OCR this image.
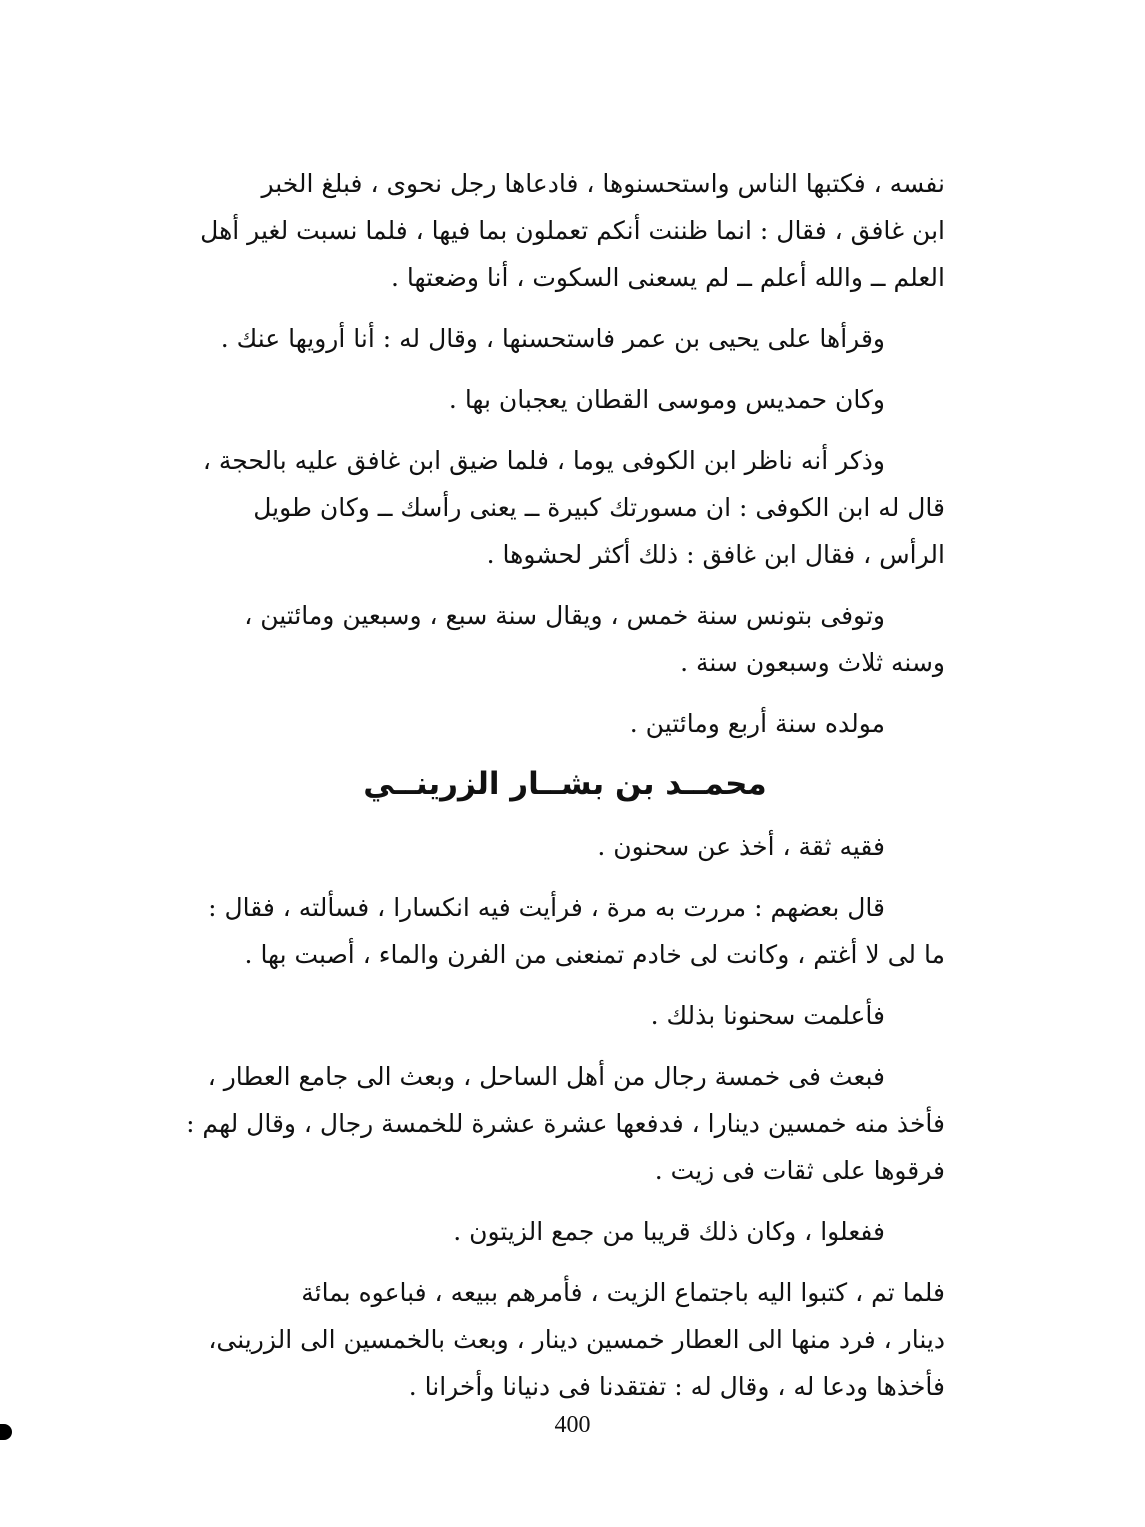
نفسه ، فكتبها الناس واستحسنوها ، فادعاها رجل نحوى ، فبلغ الخبر
ابن غافق ، فقال : انما ظننت أنكم تعملون بما فيها ، فلما نسبت لغير أهل
العلم ــ والله أعلم ــ لم يسعنى السكوت ، أنا وضعتها .
وقرأها على يحيى بن عمر فاستحسنها ، وقال له : أنا أرويها عنك .
وكان حمديس وموسى القطان يعجبان بها .
وذكر أنه ناظر ابن الكوفى يوما ، فلما ضيق ابن غافق عليه بالحجة ،
قال له ابن الكوفى : ان مسورتك كبيرة ــ يعنى رأسك ــ وكان طويل
الرأس ، فقال ابن غافق : ذلك أكثر لحشوها .
وتوفى بتونس سنة خمس ، ويقال سنة سبع ، وسبعين ومائتين ،
وسنه ثلاث وسبعون سنة .
مولده سنة أربع ومائتين .
محمــد بن بشــار الزرينــي
فقيه ثقة ، أخذ عن سحنون .
قال بعضهم : مررت به مرة ، فرأيت فيه انكسارا ، فسألته ، فقال :
ما لى لا أغتم ، وكانت لى خادم تمنعنى من الفرن والماء ، أصبت بها .
فأعلمت سحنونا بذلك .
فبعث فى خمسة رجال من أهل الساحل ، وبعث الى جامع العطار ،
فأخذ منه خمسين دينارا ، فدفعها عشرة عشرة للخمسة رجال ، وقال لهم :
فرقوها على ثقات فى زيت .
ففعلوا ، وكان ذلك قريبا من جمع الزيتون .
فلما تم ، كتبوا اليه باجتماع الزيت ، فأمرهم ببيعه ، فباعوه بمائة
دينار ، فرد منها الى العطار خمسين دينار ، وبعث بالخمسين الى الزرينى،
فأخذها ودعا له ، وقال له : تفتقدنا فى دنيانا وأخرانا .
400
